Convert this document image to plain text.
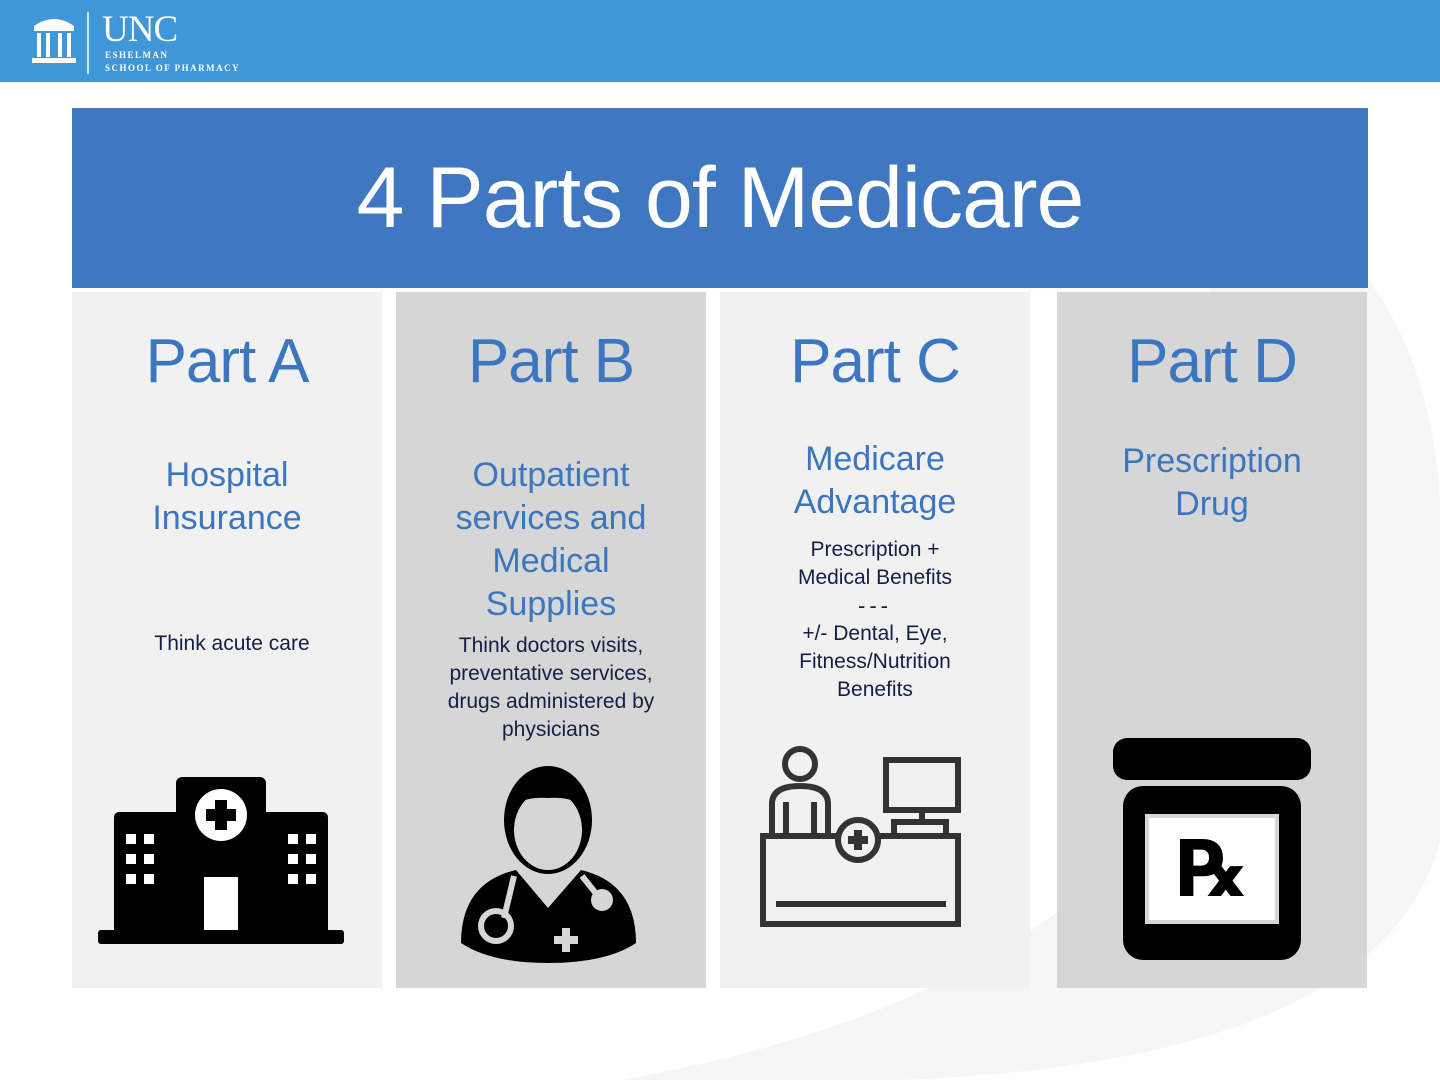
UNC
ESHELMAN
SCHOOL OF PHARMACY
4 Parts of Medicare
Part A
Hospital
Insurance
Think acute care
Part B
Outpatient
services and
Medical
Supplies
Think doctors visits,
preventative services,
drugs administered by
physicians
Part C
Medicare
Advantage
Prescription +
Medical Benefits
---
+/- Dental, Eye,
Fitness/Nutrition
Benefits
Part D
Prescription
Drug
℞
